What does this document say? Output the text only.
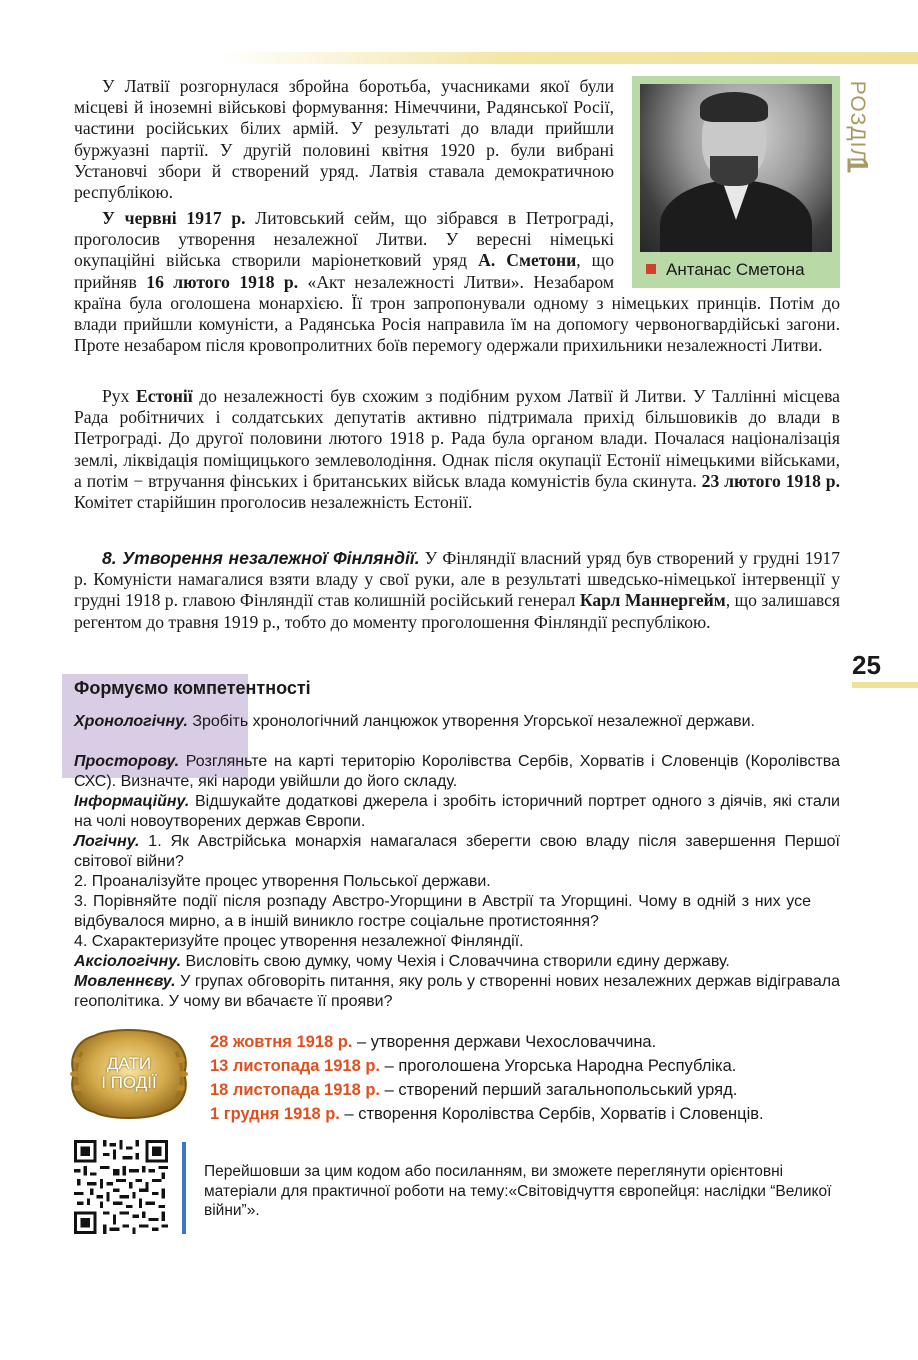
РОЗДІЛ
1
25
Антанас Сметона

У Латвії розгорнулася збройна боротьба, учасниками якої були місцеві й іноземні військові формування: Німеччини, Радянської Росії, частини російських білих армій. У результаті до влади прийшли буржуазні партії. У другій половині квітня 1920 р. були вибрані Установчі збори й створений уряд. Латвія ставала демократичною республікою.

У червні 1917 р. Литовський сейм, що зібрався в Петрограді, проголосив утворення незалежної Литви. У вересні німецькі окупаційні війська створили маріонетковий уряд А. Сметони, що прийняв 16 лютого 1918 р. «Акт незалежності Литви». Незабаром країна була оголошена монархією. Її трон запропонували одному з німецьких принців. Потім до влади прийшли комуністи, а Радянська Росія направила їм на допомогу червоногвардійські загони. Проте незабаром після кровопролитних боїв перемогу одержали прихильники незалежності Литви.

Рух Естонії до незалежності був схожим з подібним рухом Латвії й Литви. У Таллінні місцева Рада робітничих і солдатських депутатів активно підтримала прихід більшовиків до влади в Петрограді. До другої половини лютого 1918 р. Рада була органом влади. Почалася націоналізація землі, ліквідація поміщицького землеволодіння. Однак після окупації Естонії німецькими військами, а потім − втручання фінських і британських військ влада комуністів була скинута. 23 лютого 1918 р. Комітет старійшин проголосив незалежність Естонії.

8. Утворення незалежної Фінляндії. У Фінляндії власний уряд був створений у грудні 1917 р. Комуністи намагалися взяти владу у свої руки, але в результаті шведсько-німецької інтервенції у грудні 1918 р. главою Фінляндії став колишній російський генерал Карл Маннергейм, що залишався регентом до травня 1919 р., тобто до моменту проголошення Фінляндії республікою.

Формуємо компетентності

Хронологічну. Зробіть хронологічний ланцюжок утворення Угорської незалежної держави.

Просторову. Розгляньте на карті територію Королівства Сербів, Хорватів і Словенців (Королівства СХС). Визначте, які народи увійшли до його складу.

Інформаційну. Відшукайте додаткові джерела і зробіть історичний портрет одного з діячів, які стали на чолі новоутворених держав Європи.

Логічну. 1. Як Австрійська монархія намагалася зберегти свою владу після завершення Першої світової війни?

2. Проаналізуйте процес утворення Польської держави.

3. Порівняйте події після розпаду Австро-Угорщини в Австрії та Угорщині. Чому в одній з них усе відбувалося мирно, а в іншій виникло гостре соціальне протистояння?

4. Схарактеризуйте процес утворення незалежної Фінляндії.

Аксіологічну. Висловіть свою думку, чому Чехія і Словаччина створили єдину державу.

Мовленнєву. У групах обговоріть питання, яку роль у створенні нових незалежних держав відігравала геополітика. У чому ви вбачаєте її прояви?

ДАТИ
І ПОДІЇ
28 жовтня 1918 р. – утворення держави Чехословаччина.
13 листопада 1918 р. – проголошена Угорська Народна Республіка.
18 листопада 1918 р. – створений перший загальнопольський уряд.
1 грудня 1918 р. – створення Королівства Сербів, Хорватів і Словенців.
Перейшовши за цим кодом або посиланням, ви зможете переглянути орієнтовні матеріали для практичної роботи на тему:«Світовідчуття європейця: наслідки “Великої війни”».
